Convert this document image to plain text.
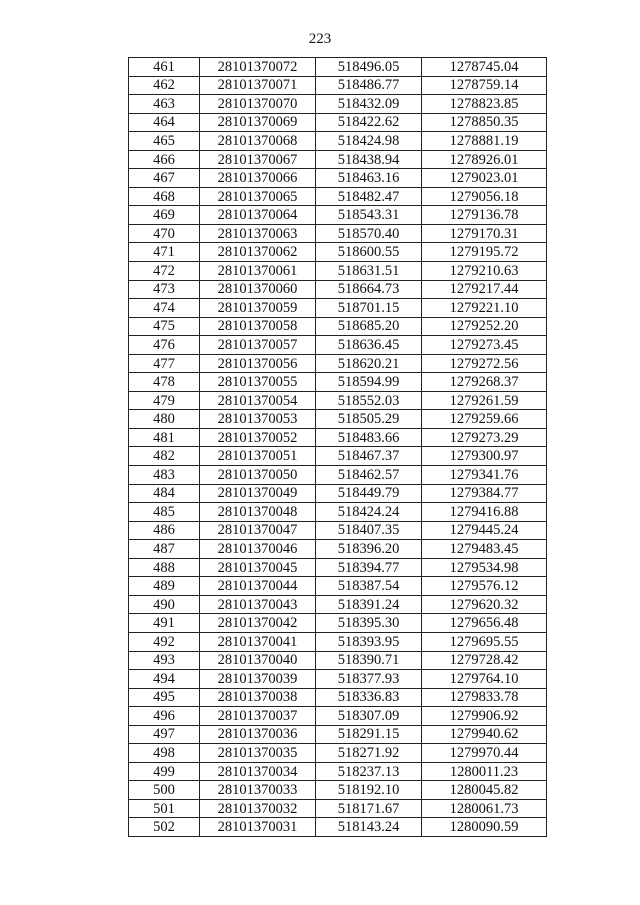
223
461	28101370072	518496.05	1278745.04
462	28101370071	518486.77	1278759.14
463	28101370070	518432.09	1278823.85
464	28101370069	518422.62	1278850.35
465	28101370068	518424.98	1278881.19
466	28101370067	518438.94	1278926.01
467	28101370066	518463.16	1279023.01
468	28101370065	518482.47	1279056.18
469	28101370064	518543.31	1279136.78
470	28101370063	518570.40	1279170.31
471	28101370062	518600.55	1279195.72
472	28101370061	518631.51	1279210.63
473	28101370060	518664.73	1279217.44
474	28101370059	518701.15	1279221.10
475	28101370058	518685.20	1279252.20
476	28101370057	518636.45	1279273.45
477	28101370056	518620.21	1279272.56
478	28101370055	518594.99	1279268.37
479	28101370054	518552.03	1279261.59
480	28101370053	518505.29	1279259.66
481	28101370052	518483.66	1279273.29
482	28101370051	518467.37	1279300.97
483	28101370050	518462.57	1279341.76
484	28101370049	518449.79	1279384.77
485	28101370048	518424.24	1279416.88
486	28101370047	518407.35	1279445.24
487	28101370046	518396.20	1279483.45
488	28101370045	518394.77	1279534.98
489	28101370044	518387.54	1279576.12
490	28101370043	518391.24	1279620.32
491	28101370042	518395.30	1279656.48
492	28101370041	518393.95	1279695.55
493	28101370040	518390.71	1279728.42
494	28101370039	518377.93	1279764.10
495	28101370038	518336.83	1279833.78
496	28101370037	518307.09	1279906.92
497	28101370036	518291.15	1279940.62
498	28101370035	518271.92	1279970.44
499	28101370034	518237.13	1280011.23
500	28101370033	518192.10	1280045.82
501	28101370032	518171.67	1280061.73
502	28101370031	518143.24	1280090.59
